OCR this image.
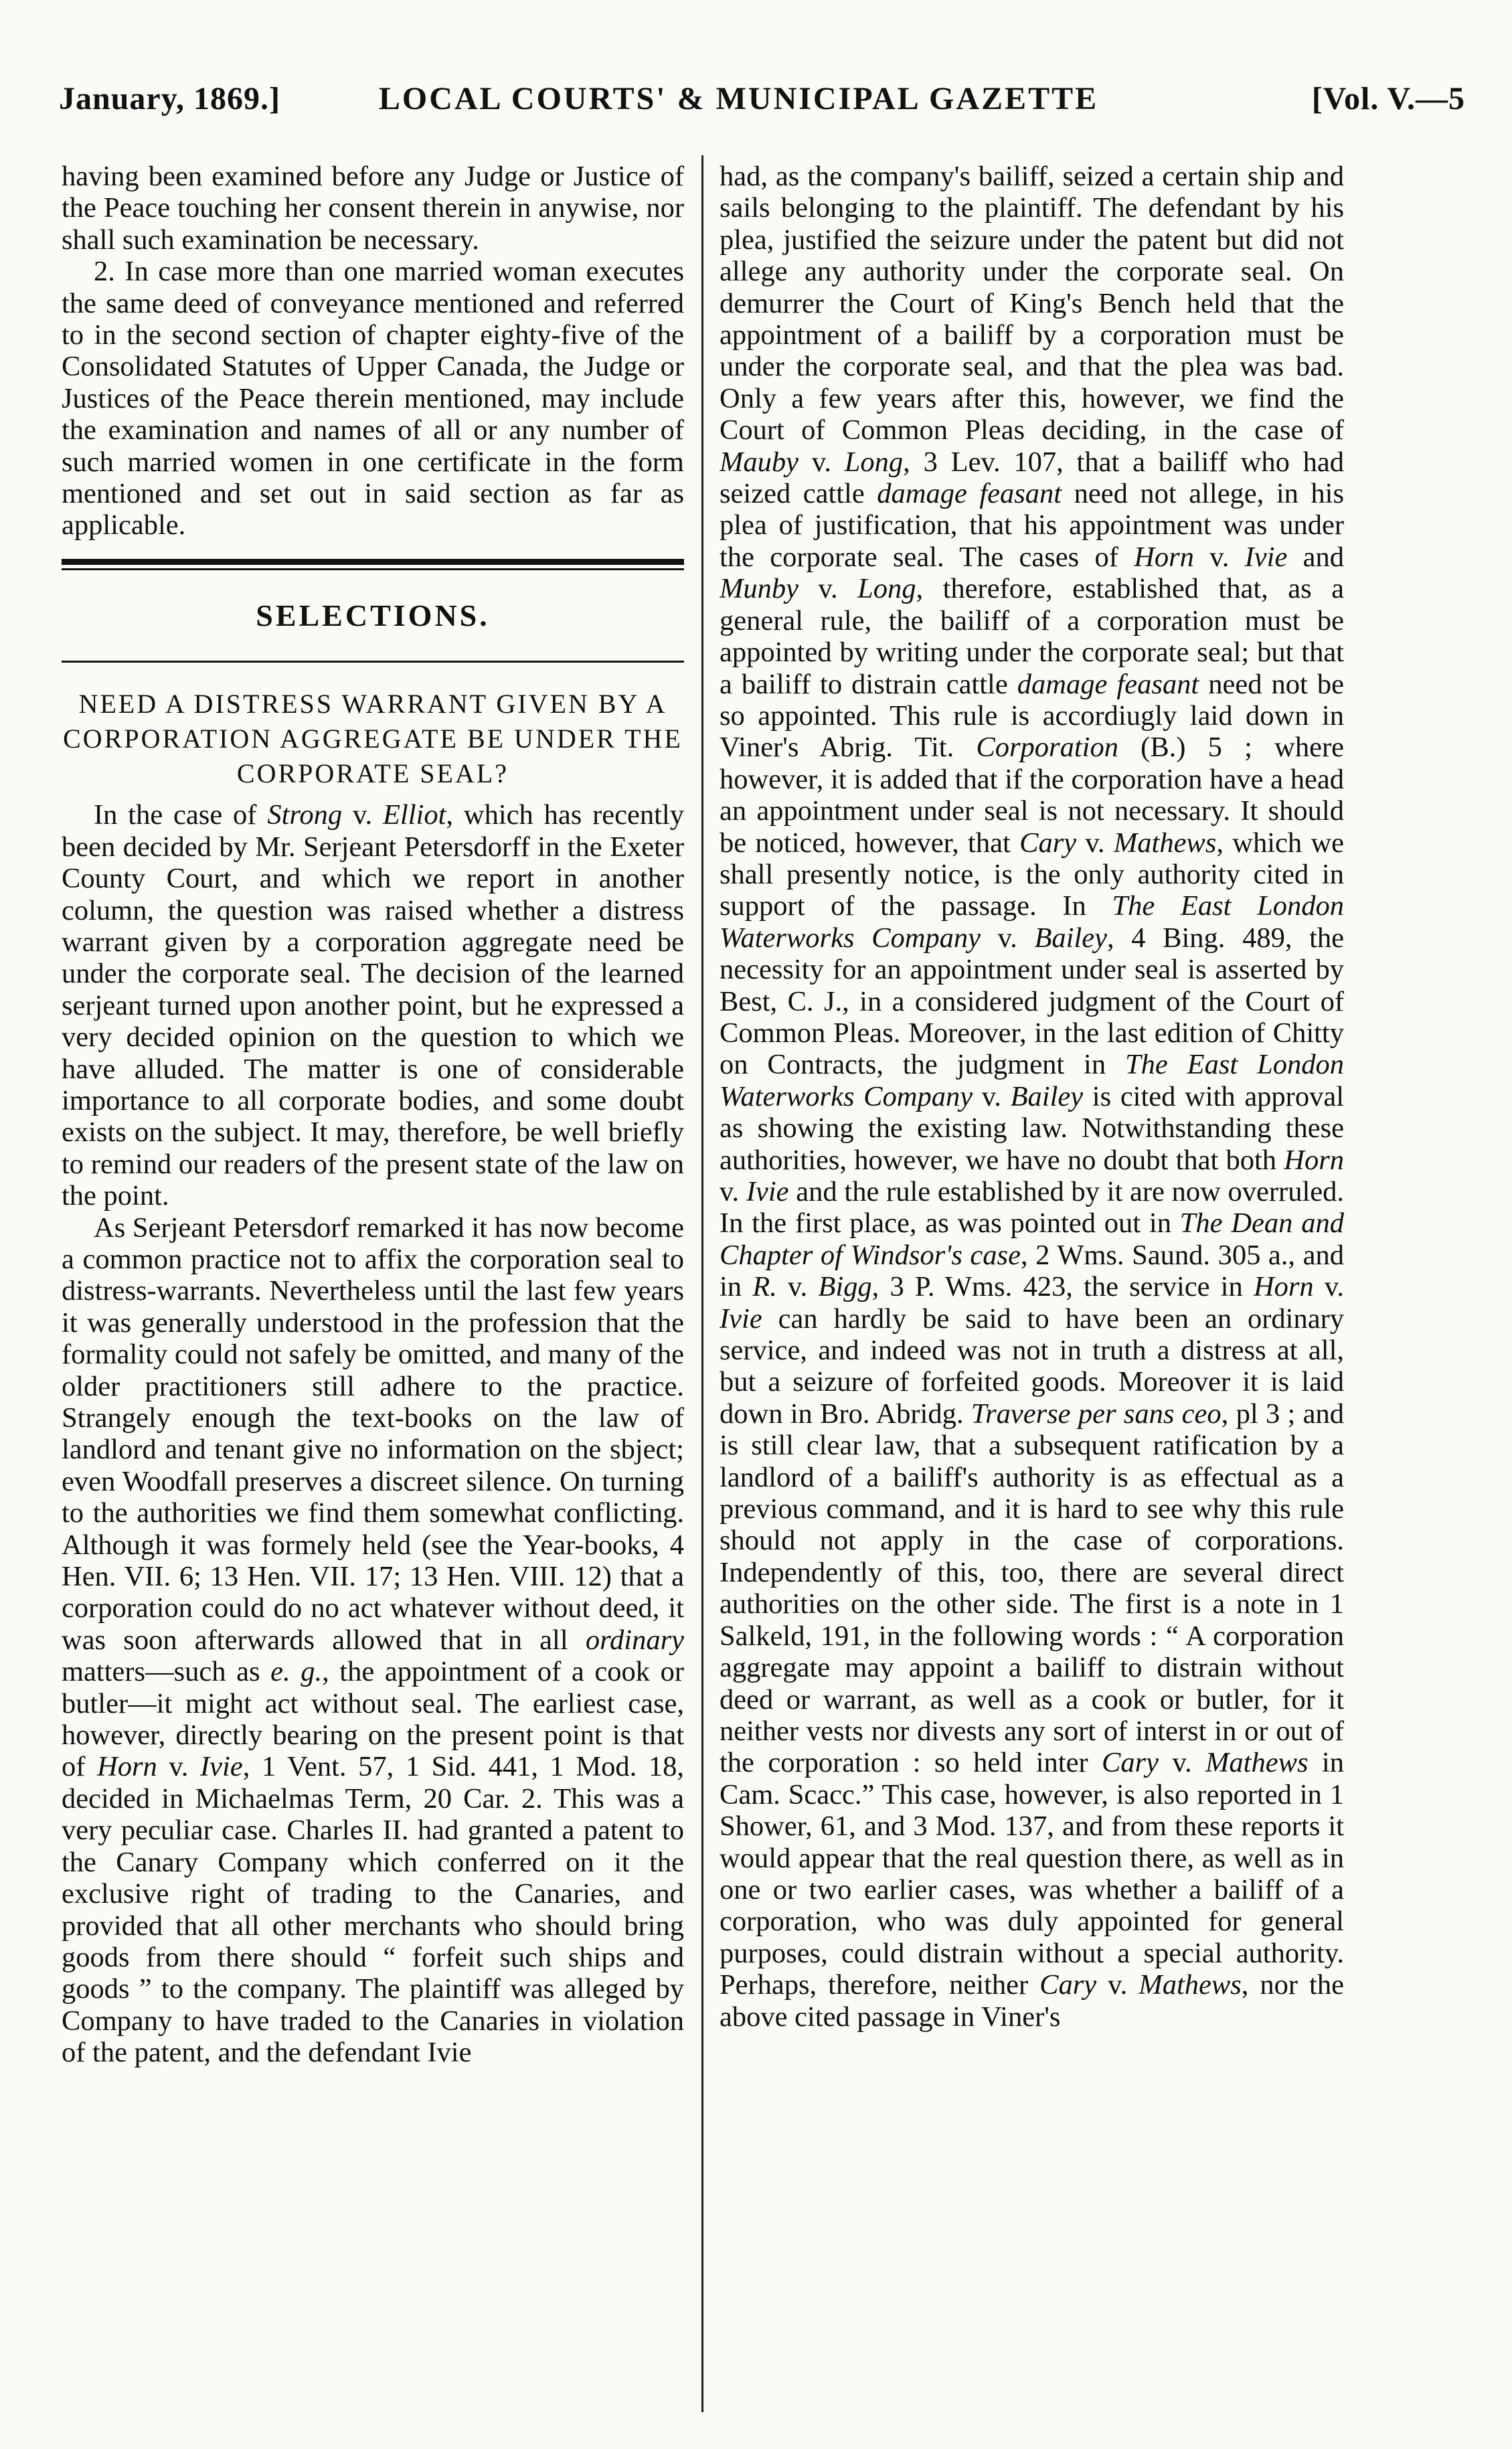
January, 1869.]	LOCAL COURTS' & MUNICIPAL GAZETTE	[Vol. V.—5

having been examined before any Judge or Justice of the Peace touching her consent therein in anywise, nor shall such examination be necessary.

2. In case more than one married woman executes the same deed of conveyance mentioned and referred to in the second section of chapter eighty-five of the Consolidated Statutes of Upper Canada, the Judge or Justices of the Peace therein mentioned, may include the examination and names of all or any number of such married women in one certificate in the form mentioned and set out in said section as far as applicable.

SELECTIONS.
NEED A DISTRESS WARRANT GIVEN BY A CORPORATION AGGREGATE BE UNDER THE CORPORATE SEAL?

In the case of Strong v. Elliot, which has recently been decided by Mr. Serjeant Petersdorff in the Exeter County Court, and which we report in another column, the question was raised whether a distress warrant given by a corporation aggregate need be under the corporate seal. The decision of the learned serjeant turned upon another point, but he expressed a very decided opinion on the question to which we have alluded. The matter is one of considerable importance to all corporate bodies, and some doubt exists on the subject. It may, therefore, be well briefly to remind our readers of the present state of the law on the point.

As Serjeant Petersdorf remarked it has now become a common practice not to affix the corporation seal to distress-warrants. Nevertheless until the last few years it was generally understood in the profession that the formality could not safely be omitted, and many of the older practitioners still adhere to the practice. Strangely enough the text-books on the law of landlord and tenant give no information on the sbject; even Woodfall preserves a discreet silence. On turning to the authorities we find them somewhat conflicting. Although it was formely held (see the Year-books, 4 Hen. VII. 6; 13 Hen. VII. 17; 13 Hen. VIII. 12) that a corporation could do no act whatever without deed, it was soon afterwards allowed that in all ordinary matters—such as e. g., the appointment of a cook or butler—it might act without seal. The earliest case, however, directly bearing on the present point is that of Horn v. Ivie, 1 Vent. 57, 1 Sid. 441, 1 Mod. 18, decided in Michaelmas Term, 20 Car. 2. This was a very peculiar case. Charles II. had granted a patent to the Canary Company which conferred on it the exclusive right of trading to the Canaries, and provided that all other merchants who should bring goods from there should “ forfeit such ships and goods ” to the company. The plaintiff was alleged by Company to have traded to the Canaries in violation of the patent, and the defendant Ivie

had, as the company's bailiff, seized a certain ship and sails belonging to the plaintiff. The defendant by his plea, justified the seizure under the patent but did not allege any authority under the corporate seal. On demurrer the Court of King's Bench held that the appointment of a bailiff by a corporation must be under the corporate seal, and that the plea was bad. Only a few years after this, however, we find the Court of Common Pleas deciding, in the case of Mauby v. Long, 3 Lev. 107, that a bailiff who had seized cattle damage feasant need not allege, in his plea of justification, that his appointment was under the corporate seal. The cases of Horn v. Ivie and Munby v. Long, therefore, established that, as a general rule, the bailiff of a corporation must be appointed by writing under the corporate seal; but that a bailiff to distrain cattle damage feasant need not be so appointed. This rule is accordiugly laid down in Viner's Abrig. Tit. Corporation (B.) 5 ; where however, it is added that if the corporation have a head an appointment under seal is not necessary. It should be noticed, however, that Cary v. Mathews, which we shall presently notice, is the only authority cited in support of the passage. In The East London Waterworks Company v. Bailey, 4 Bing. 489, the necessity for an appointment under seal is asserted by Best, C. J., in a considered judgment of the Court of Common Pleas. Moreover, in the last edition of Chitty on Contracts, the judgment in The East London Waterworks Company v. Bailey is cited with approval as showing the existing law. Notwithstanding these authorities, however, we have no doubt that both Horn v. Ivie and the rule established by it are now overruled. In the first place, as was pointed out in The Dean and Chapter of Windsor's case, 2 Wms. Saund. 305 a., and in R. v. Bigg, 3 P. Wms. 423, the service in Horn v. Ivie can hardly be said to have been an ordinary service, and indeed was not in truth a distress at all, but a seizure of forfeited goods. Moreover it is laid down in Bro. Abridg. Traverse per sans ceo, pl 3 ; and is still clear law, that a subsequent ratification by a landlord of a bailiff's authority is as effectual as a previous command, and it is hard to see why this rule should not apply in the case of corporations. Independently of this, too, there are several direct authorities on the other side. The first is a note in 1 Salkeld, 191, in the following words : “ A corporation aggregate may appoint a bailiff to distrain without deed or warrant, as well as a cook or butler, for it neither vests nor divests any sort of interst in or out of the corporation : so held inter Cary v. Mathews in Cam. Scacc.” This case, however, is also reported in 1 Shower, 61, and 3 Mod. 137, and from these reports it would appear that the real question there, as well as in one or two earlier cases, was whether a bailiff of a corporation, who was duly appointed for general purposes, could distrain without a special authority. Perhaps, therefore, neither Cary v. Mathews, nor the above cited passage in Viner's
